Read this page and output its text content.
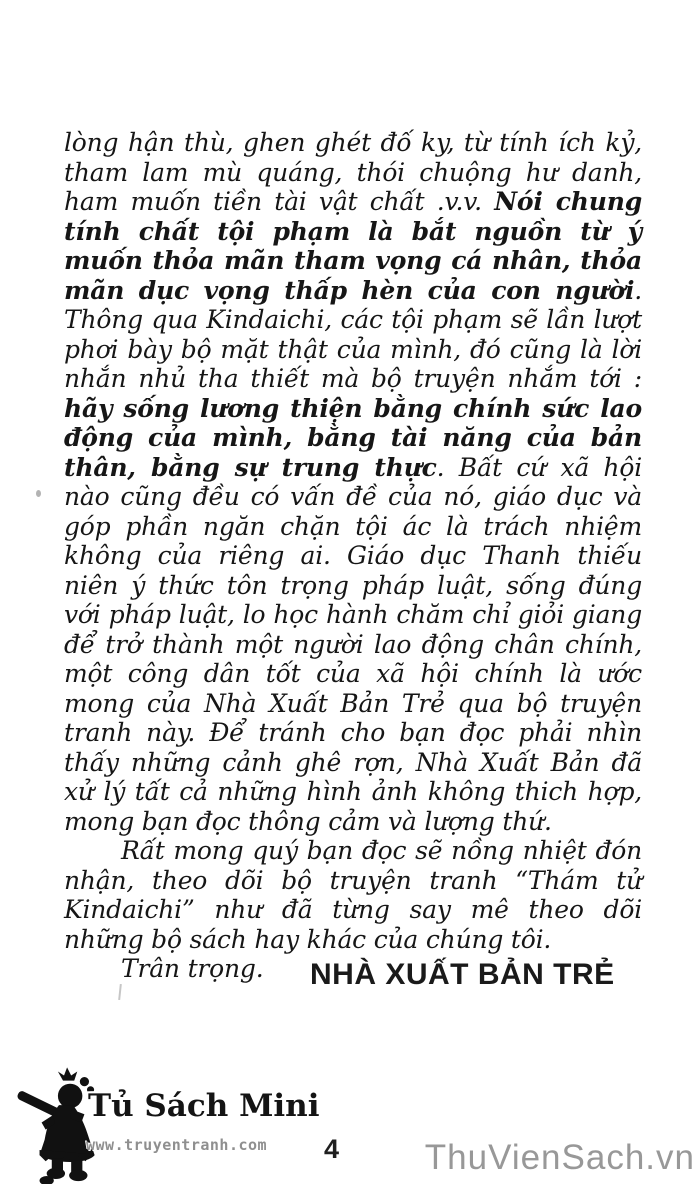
lòng hận thù, ghen ghét đố ky, từ tính ích kỷ, tham lam mù quáng, thói chuộng hư danh, ham muốn tiền tài vật chất .v.v. Nói chung tính chất tội phạm là bắt nguồn từ ý muốn thỏa mãn tham vọng cá nhân, thỏa mãn dục vọng thấp hèn của con người. Thông qua Kindaichi, các tội phạm sẽ lần lượt phơi bày bộ mặt thật của mình, đó cũng là lời nhắn nhủ tha thiết mà bộ truyện nhắm tới : hãy sống lương thiện bằng chính sức lao động của mình, bằng tài năng của bản thân, bằng sự trung thực. Bất cứ xã hội nào cũng đều có vấn đề của nó, giáo dục và góp phần ngăn chặn tội ác là trách nhiệm không của riêng ai. Giáo dục Thanh thiếu niên ý thức tôn trọng pháp luật, sống đúng với pháp luật, lo học hành chăm chỉ giỏi giang để trở thành một người lao động chân chính, một công dân tốt của xã hội chính là ước mong của Nhà Xuất Bản Trẻ qua bộ truyện tranh này. Để tránh cho bạn đọc phải nhìn thấy những cảnh ghê rợn, Nhà Xuất Bản đã xử lý tất cả những hình ảnh không thich hợp, mong bạn đọc thông cảm và lượng thứ.

Rất mong quý bạn đọc sẽ nồng nhiệt đón nhận, theo dõi bộ truyện tranh “Thám tử Kindaichi” như đã từng say mê theo dõi những bộ sách hay khác của chúng tôi.

Trân trọng.	NHÀ XUẤT BẢN TRẺ
Tủ Sách Mini
www.truyentranh.com 4 ThuVienSach.vn
